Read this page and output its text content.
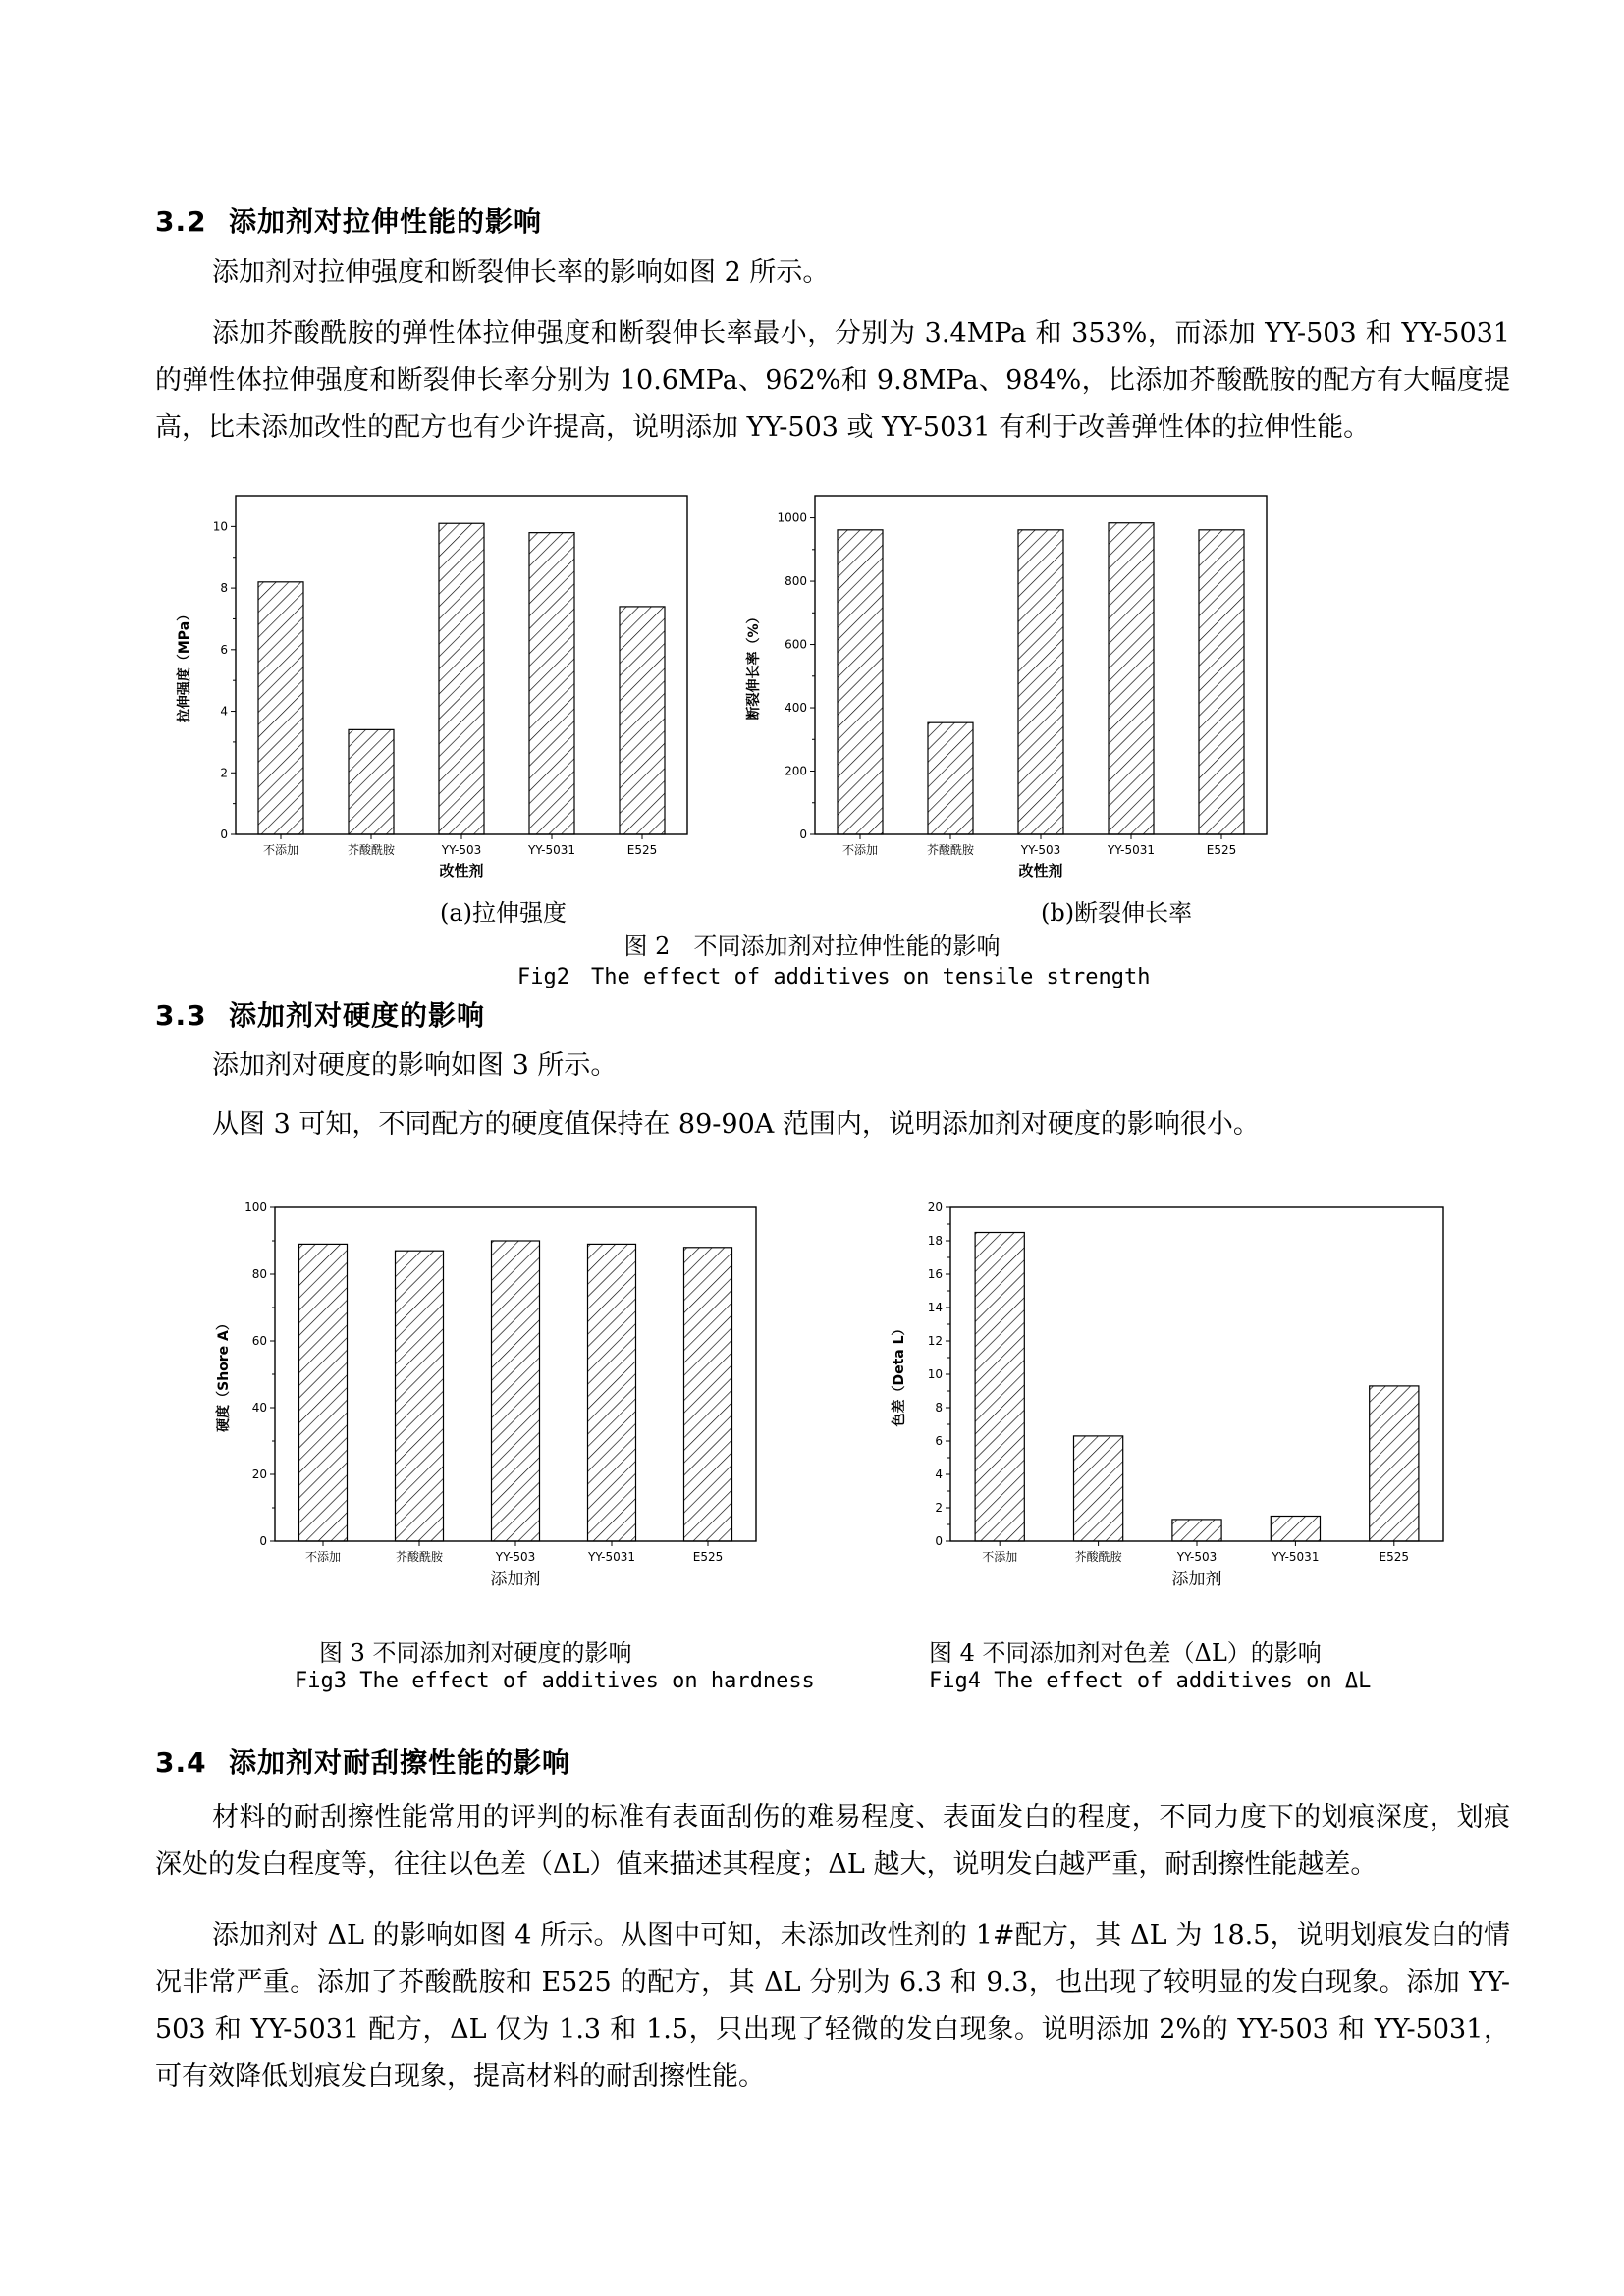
3.2 添加剂对拉伸性能的影响
添加剂对拉伸强度和断裂伸长率的影响如图 2 所示。
添加芥酸酰胺的弹性体拉伸强度和断裂伸长率最小，分别为 3.4MPa 和 353%，而添加 YY-503 和 YY-5031 的弹性体拉伸强度和断裂伸长率分别为 10.6MPa、962%和 9.8MPa、984%，比添加芥酸酰胺的配方有大幅度提高，比未添加改性的配方也有少许提高，说明添加 YY-503 或 YY-5031 有利于改善弹性体的拉伸性能。
不添加	芥酸酰胺	YY-503	YY-5031	E525
0
2
4
6
8
10
改性剂
拉伸强度（MPa）
不添加	芥酸酰胺	YY-503	YY-5031	E525
0
200
400
600
800
1000
改性剂
断裂伸长率（%）
(a)拉伸强度	(b)断裂伸长率
图 2　不同添加剂对拉伸性能的影响
Fig2　The effect of additives on tensile strength
3.3 添加剂对硬度的影响
添加剂对硬度的影响如图 3 所示。
从图 3 可知，不同配方的硬度值保持在 89-90A 范围内，说明添加剂对硬度的影响很小。
不添加	芥酸酰胺	YY-503	YY-5031	E525
0
20
40
60
80
100
添加剂
硬度（Shore A）
不添加	芥酸酰胺	YY-503	YY-5031	E525
0
2
4
6
8
10
12
14
16
18
20
添加剂
色差（Deta L）
图 3 不同添加剂对硬度的影响
Fig3 The effect of additives on hardness
图 4 不同添加剂对色差（ΔL）的影响
Fig4 The effect of additives on ΔL
3.4 添加剂对耐刮擦性能的影响
材料的耐刮擦性能常用的评判的标准有表面刮伤的难易程度、表面发白的程度，不同力度下的划痕深度，划痕深处的发白程度等，往往以色差（ΔL）值来描述其程度；ΔL 越大，说明发白越严重，耐刮擦性能越差。
添加剂对 ΔL 的影响如图 4 所示。从图中可知，未添加改性剂的 1#配方，其 ΔL 为 18.5，说明划痕发白的情况非常严重。添加了芥酸酰胺和 E525 的配方，其 ΔL 分别为 6.3 和 9.3，也出现了较明显的发白现象。添加 YY-503 和 YY-5031 配方，ΔL 仅为 1.3 和 1.5，只出现了轻微的发白现象。说明添加 2%的 YY-503 和 YY-5031，可有效降低划痕发白现象，提高材料的耐刮擦性能。
